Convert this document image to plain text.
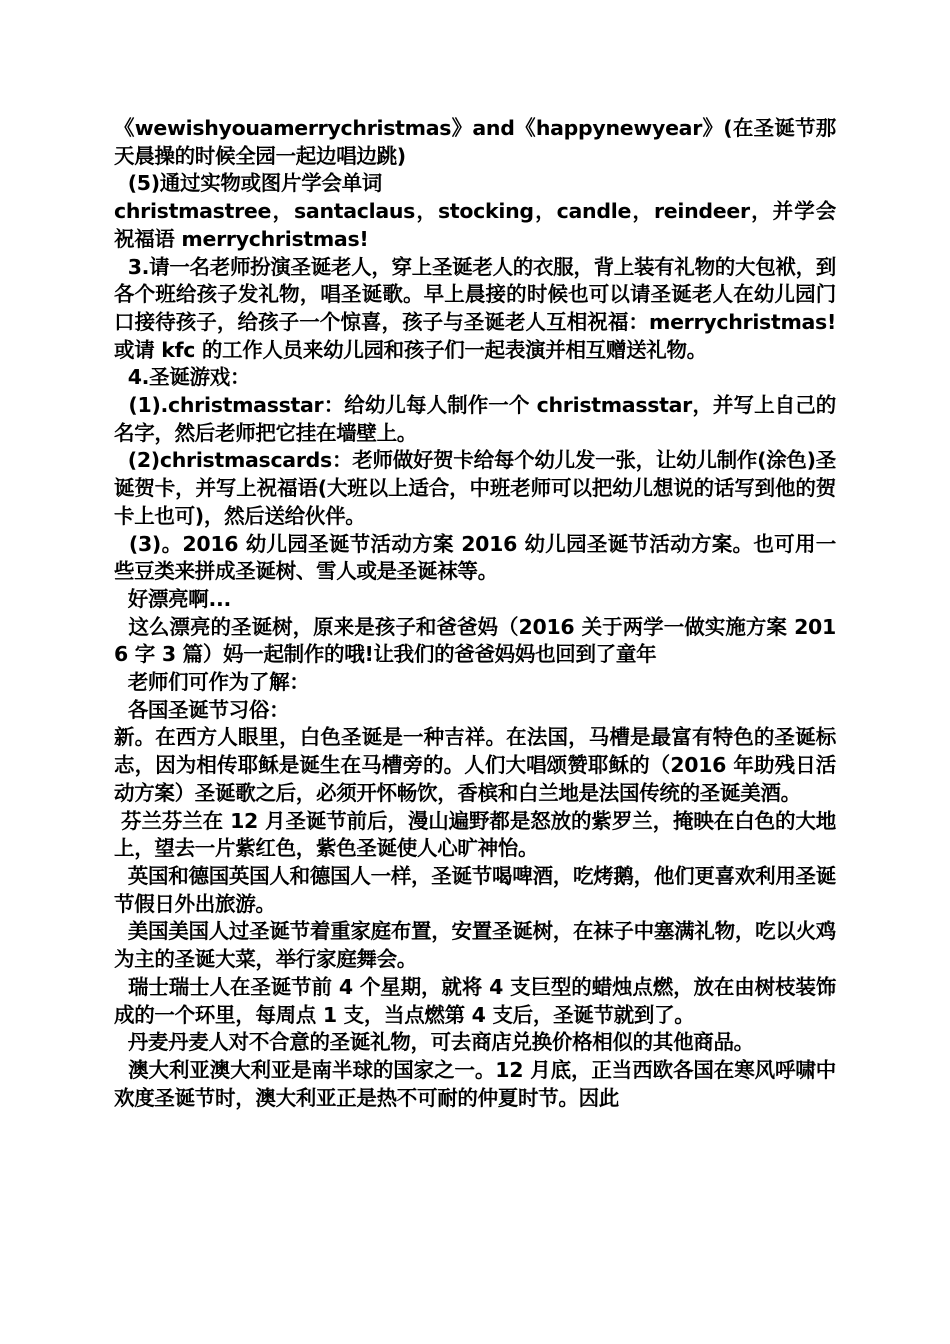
《wewishyouamerrychristmas》and《happynewyear》(在圣诞节那天晨操的时候全园一起边唱边跳)

(5)通过实物或图片学会单词

christmastree，santaclaus，stocking，candle，reindeer，并学会祝福语 merrychristmas!

3.请一名老师扮演圣诞老人，穿上圣诞老人的衣服，背上装有礼物的大包袱，到各个班给孩子发礼物，唱圣诞歌。早上晨接的时候也可以请圣诞老人在幼儿园门口接待孩子，给孩子一个惊喜，孩子与圣诞老人互相祝福：merrychristmas!或请 kfc 的工作人员来幼儿园和孩子们一起表演并相互赠送礼物。

4.圣诞游戏：

(1).christmasstar：给幼儿每人制作一个 christmasstar，并写上自己的名字，然后老师把它挂在墙壁上。

(2)christmascards：老师做好贺卡给每个幼儿发一张，让幼儿制作(涂色)圣诞贺卡，并写上祝福语(大班以上适合，中班老师可以把幼儿想说的话写到他的贺卡上也可)，然后送给伙伴。

(3)。2016 幼儿园圣诞节活动方案 2016 幼儿园圣诞节活动方案。也可用一些豆类来拼成圣诞树、雪人或是圣诞袜等。

好漂亮啊...

这么漂亮的圣诞树，原来是孩子和爸爸妈（2016 关于两学一做实施方案 2016 字 3 篇）妈一起制作的哦!让我们的爸爸妈妈也回到了童年

老师们可作为了解：

各国圣诞节习俗：

新。在西方人眼里，白色圣诞是一种吉祥。在法国，马槽是最富有特色的圣诞标志，因为相传耶稣是诞生在马槽旁的。人们大唱颂赞耶稣的（2016 年助残日活动方案）圣诞歌之后，必须开怀畅饮，香槟和白兰地是法国传统的圣诞美酒。

芬兰芬兰在 12 月圣诞节前后，漫山遍野都是怒放的紫罗兰，掩映在白色的大地上，望去一片紫红色，紫色圣诞使人心旷神怡。

英国和德国英国人和德国人一样，圣诞节喝啤酒，吃烤鹅，他们更喜欢利用圣诞节假日外出旅游。

美国美国人过圣诞节着重家庭布置，安置圣诞树，在袜子中塞满礼物，吃以火鸡为主的圣诞大菜，举行家庭舞会。

瑞士瑞士人在圣诞节前 4 个星期，就将 4 支巨型的蜡烛点燃，放在由树枝装饰成的一个环里，每周点 1 支，当点燃第 4 支后，圣诞节就到了。

丹麦丹麦人对不合意的圣诞礼物，可去商店兑换价格相似的其他商品。

澳大利亚澳大利亚是南半球的国家之一。12 月底，正当西欧各国在寒风呼啸中欢度圣诞节时，澳大利亚正是热不可耐的仲夏时节。因此
